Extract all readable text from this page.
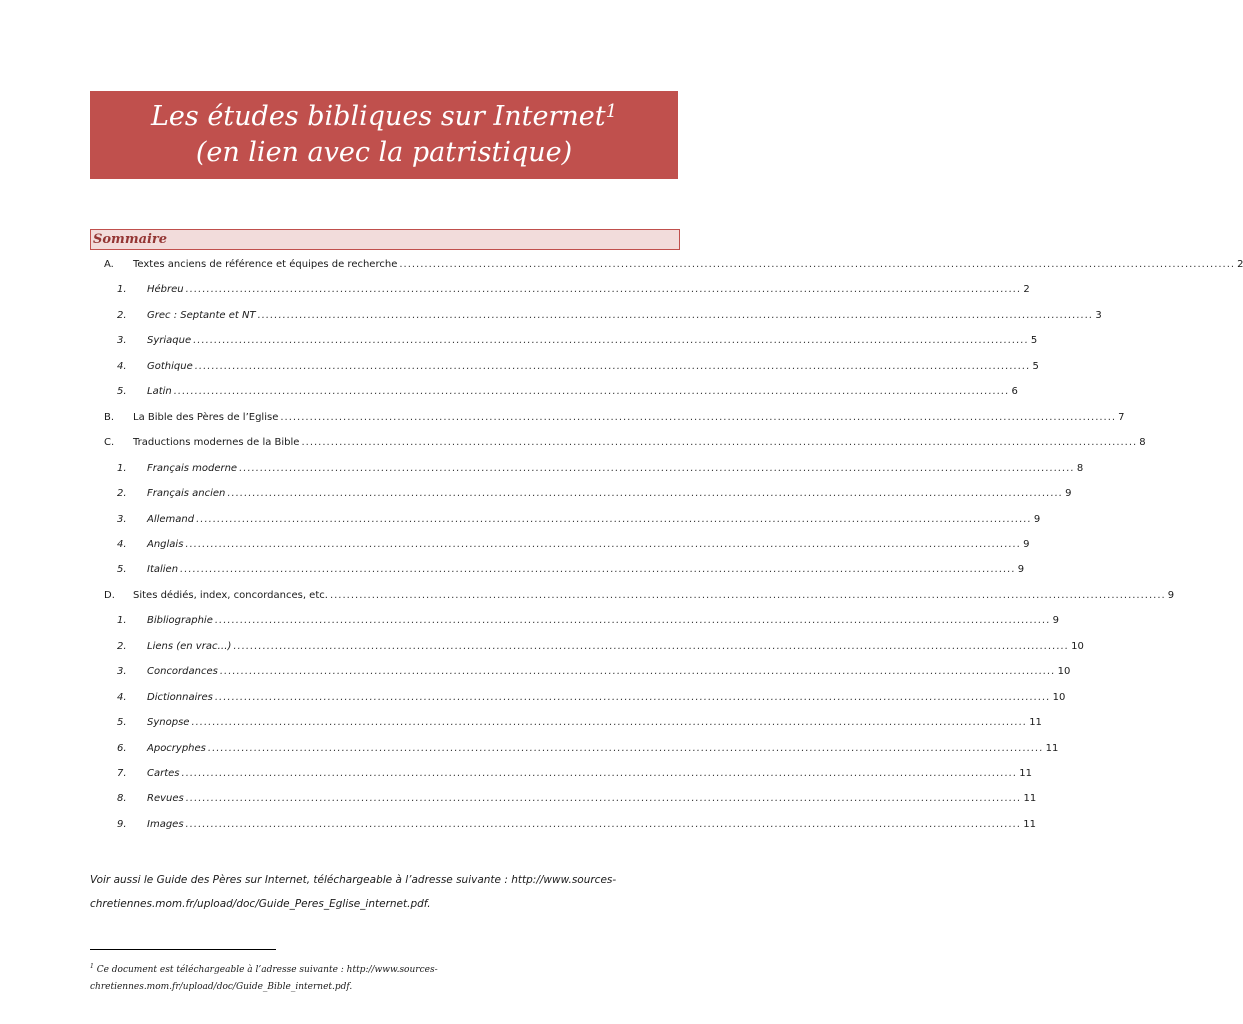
Les études bibliques sur Internet$^1$
(en lien avec la patristique)
Sommaire
A. Textes anciens de référence et équipes de recherche ........................................................................................................................................................................................................ 2
1. Hébreu ........................................................................................................................................................................................................ 2
2. Grec : Septante et NT ........................................................................................................................................................................................................ 3
3. Syriaque ........................................................................................................................................................................................................ 5
4. Gothique ........................................................................................................................................................................................................ 5
5. Latin ........................................................................................................................................................................................................ 6
B. La Bible des Pères de l’Eglise ........................................................................................................................................................................................................ 7
C. Traductions modernes de la Bible ........................................................................................................................................................................................................ 8
1. Français moderne ........................................................................................................................................................................................................ 8
2. Français ancien ........................................................................................................................................................................................................ 9
3. Allemand ........................................................................................................................................................................................................ 9
4. Anglais ........................................................................................................................................................................................................ 9
5. Italien ........................................................................................................................................................................................................ 9
D. Sites dédiés, index, concordances, etc. ........................................................................................................................................................................................................ 9
1. Bibliographie ........................................................................................................................................................................................................ 9
2. Liens (en vrac…) ........................................................................................................................................................................................................ 10
3. Concordances ........................................................................................................................................................................................................ 10
4. Dictionnaires ........................................................................................................................................................................................................ 10
5. Synopse ........................................................................................................................................................................................................ 11
6. Apocryphes ........................................................................................................................................................................................................ 11
7. Cartes ........................................................................................................................................................................................................ 11
8. Revues ........................................................................................................................................................................................................ 11
9. Images ........................................................................................................................................................................................................ 11
Voir aussi le Guide des Pères sur Internet, téléchargeable à l’adresse suivante : http://www.sources-chretiennes.mom.fr/upload/doc/Guide_Peres_Eglise_internet.pdf.
$^1$ Ce document est téléchargeable à l’adresse suivante : http://www.sources-chretiennes.mom.fr/upload/doc/Guide_Bible_internet.pdf.
